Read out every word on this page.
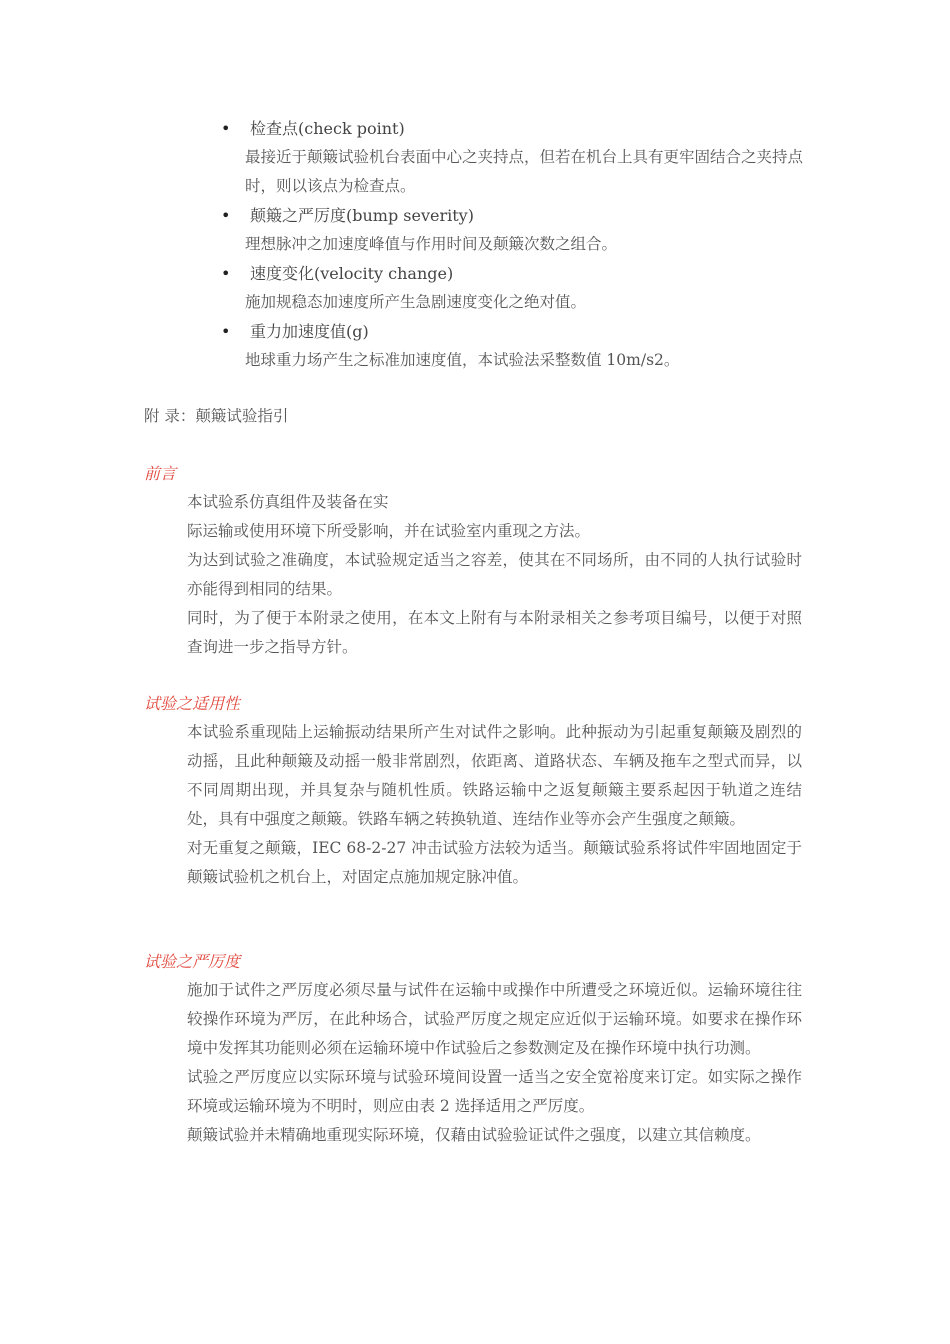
• 检查点(check point)
最接近于颠簸试验机台表面中心之夹持点，但若在机台上具有更牢固结合之夹持点时，则以该点为检查点。
• 颠簸之严厉度(bump severity)
理想脉冲之加速度峰值与作用时间及颠簸次数之组合。
• 速度变化(velocity change)
施加规稳态加速度所产生急剧速度变化之绝对值。
• 重力加速度值(g)
地球重力场产生之标准加速度值，本试验法采整数值 10m/s2。
附 录：颠簸试验指引
前言

本试验系仿真组件及装备在实

际运输或使用环境下所受影响，并在试验室内重现之方法。

为达到试验之准确度，本试验规定适当之容差，使其在不同场所，由不同的人执行试验时亦能得到相同的结果。

同时，为了便于本附录之使用，在本文上附有与本附录相关之参考项目编号，以便于对照查询进一步之指导方针。

试验之适用性

本试验系重现陆上运输振动结果所产生对试件之影响。此种振动为引起重复颠簸及剧烈的动摇，且此种颠簸及动摇一般非常剧烈，依距离、道路状态、车辆及拖车之型式而异，以不同周期出现，并具复杂与随机性质。铁路运输中之返复颠簸主要系起因于轨道之连结处，具有中强度之颠簸。铁路车辆之转换轨道、连结作业等亦会产生强度之颠簸。

对无重复之颠簸，IEC 68-2-27 冲击试验方法较为适当。颠簸试验系将试件牢固地固定于颠簸试验机之机台上，对固定点施加规定脉冲值。

试验之严厉度

施加于试件之严厉度必须尽量与试件在运输中或操作中所遭受之环境近似。运输环境往往较操作环境为严厉，在此种场合，试验严厉度之规定应近似于运输环境。如要求在操作环境中发挥其功能则必须在运输环境中作试验后之参数测定及在操作环境中执行功测。

试验之严厉度应以实际环境与试验环境间设置一适当之安全宽裕度来订定。如实际之操作环境或运输环境为不明时，则应由表 2 选择适用之严厉度。

颠簸试验并未精确地重现实际环境，仅藉由试验验证试件之强度，以建立其信赖度。
